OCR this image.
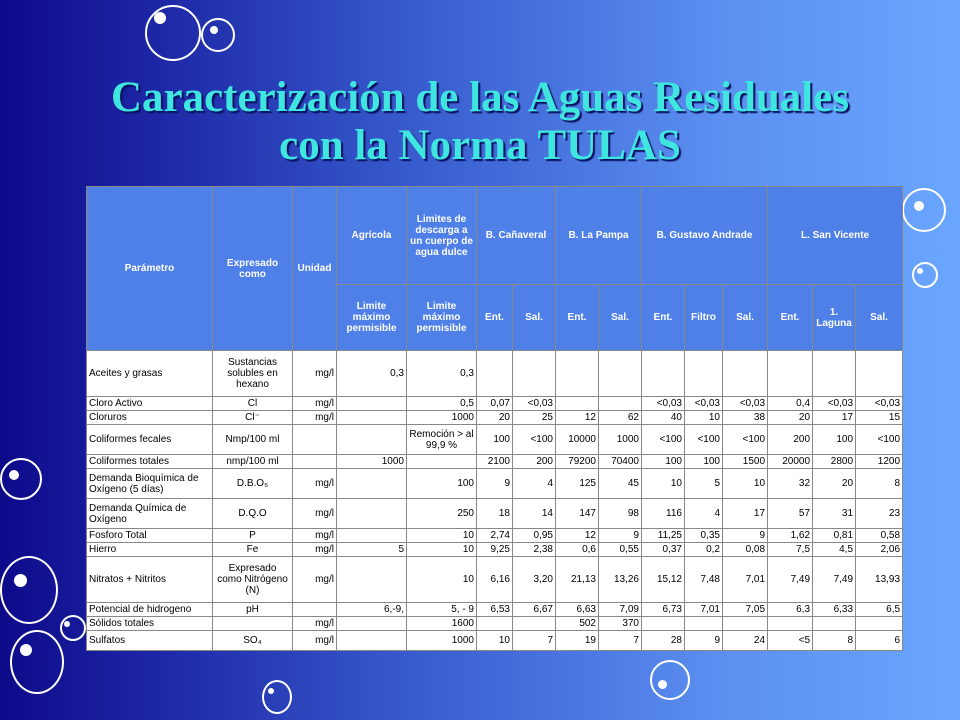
Caracterización de las Aguas Residuales
con la Norma TULAS
Parámetro	Expresado como	Unidad	Agrícola	Limites de descarga a un cuerpo de agua dulce	B. Cañaveral		B. La Pampa		B. Gustavo Andrade			L. San Vicente		
			Limite máximo permisible	Limite máximo permisible	Ent.	Sal.	Ent.	Sal.	Ent.	Filtro	Sal.	Ent.	1. Laguna	Sal.
Aceites y grasas	Sustancias solubles en hexano	mg/l	0,3	0,3										
Cloro Activo	Cl	mg/l		0,5	0,07	<0,03			<0,03	<0,03	<0,03	0,4	<0,03	<0,03
Cloruros	Cl⁻	mg/l		1000	20	25	12	62	40	10	38	20	17	15
Coliformes fecales	Nmp/100 ml			Remoción > al 99,9 %	100	<100	10000	1000	<100	<100	<100	200	100	<100
Coliformes totales	nmp/100 ml		1000		2100	200	79200	70400	100	100	1500	20000	2800	1200
Demanda Bioquímica de Oxígeno (5 días)	D.B.O₅	mg/l		100	9	4	125	45	10	5	10	32	20	8
Demanda Química de Oxígeno	D.Q.O	mg/l		250	18	14	147	98	116	4	17	57	31	23
Fosforo Total	P	mg/l		10	2,74	0,95	12	9	11,25	0,35	9	1,62	0,81	0,58
Hierro	Fe	mg/l	5	10	9,25	2,38	0,6	0,55	0,37	0,2	0,08	7,5	4,5	2,06
Nitratos + Nitritos	Expresado como Nitrógeno (N)	mg/l		10	6,16	3,20	21,13	13,26	15,12	7,48	7,01	7,49	7,49	13,93
Potencial de hidrogeno	pH		6,-9,	5, - 9	6,53	6,67	6,63	7,09	6,73	7,01	7,05	6,3	6,33	6,5
Sólidos totales		mg/l		1600			502	370						
Sulfatos	SO₄	mg/l		1000	10	7	19	7	28	9	24	<5	8	6
